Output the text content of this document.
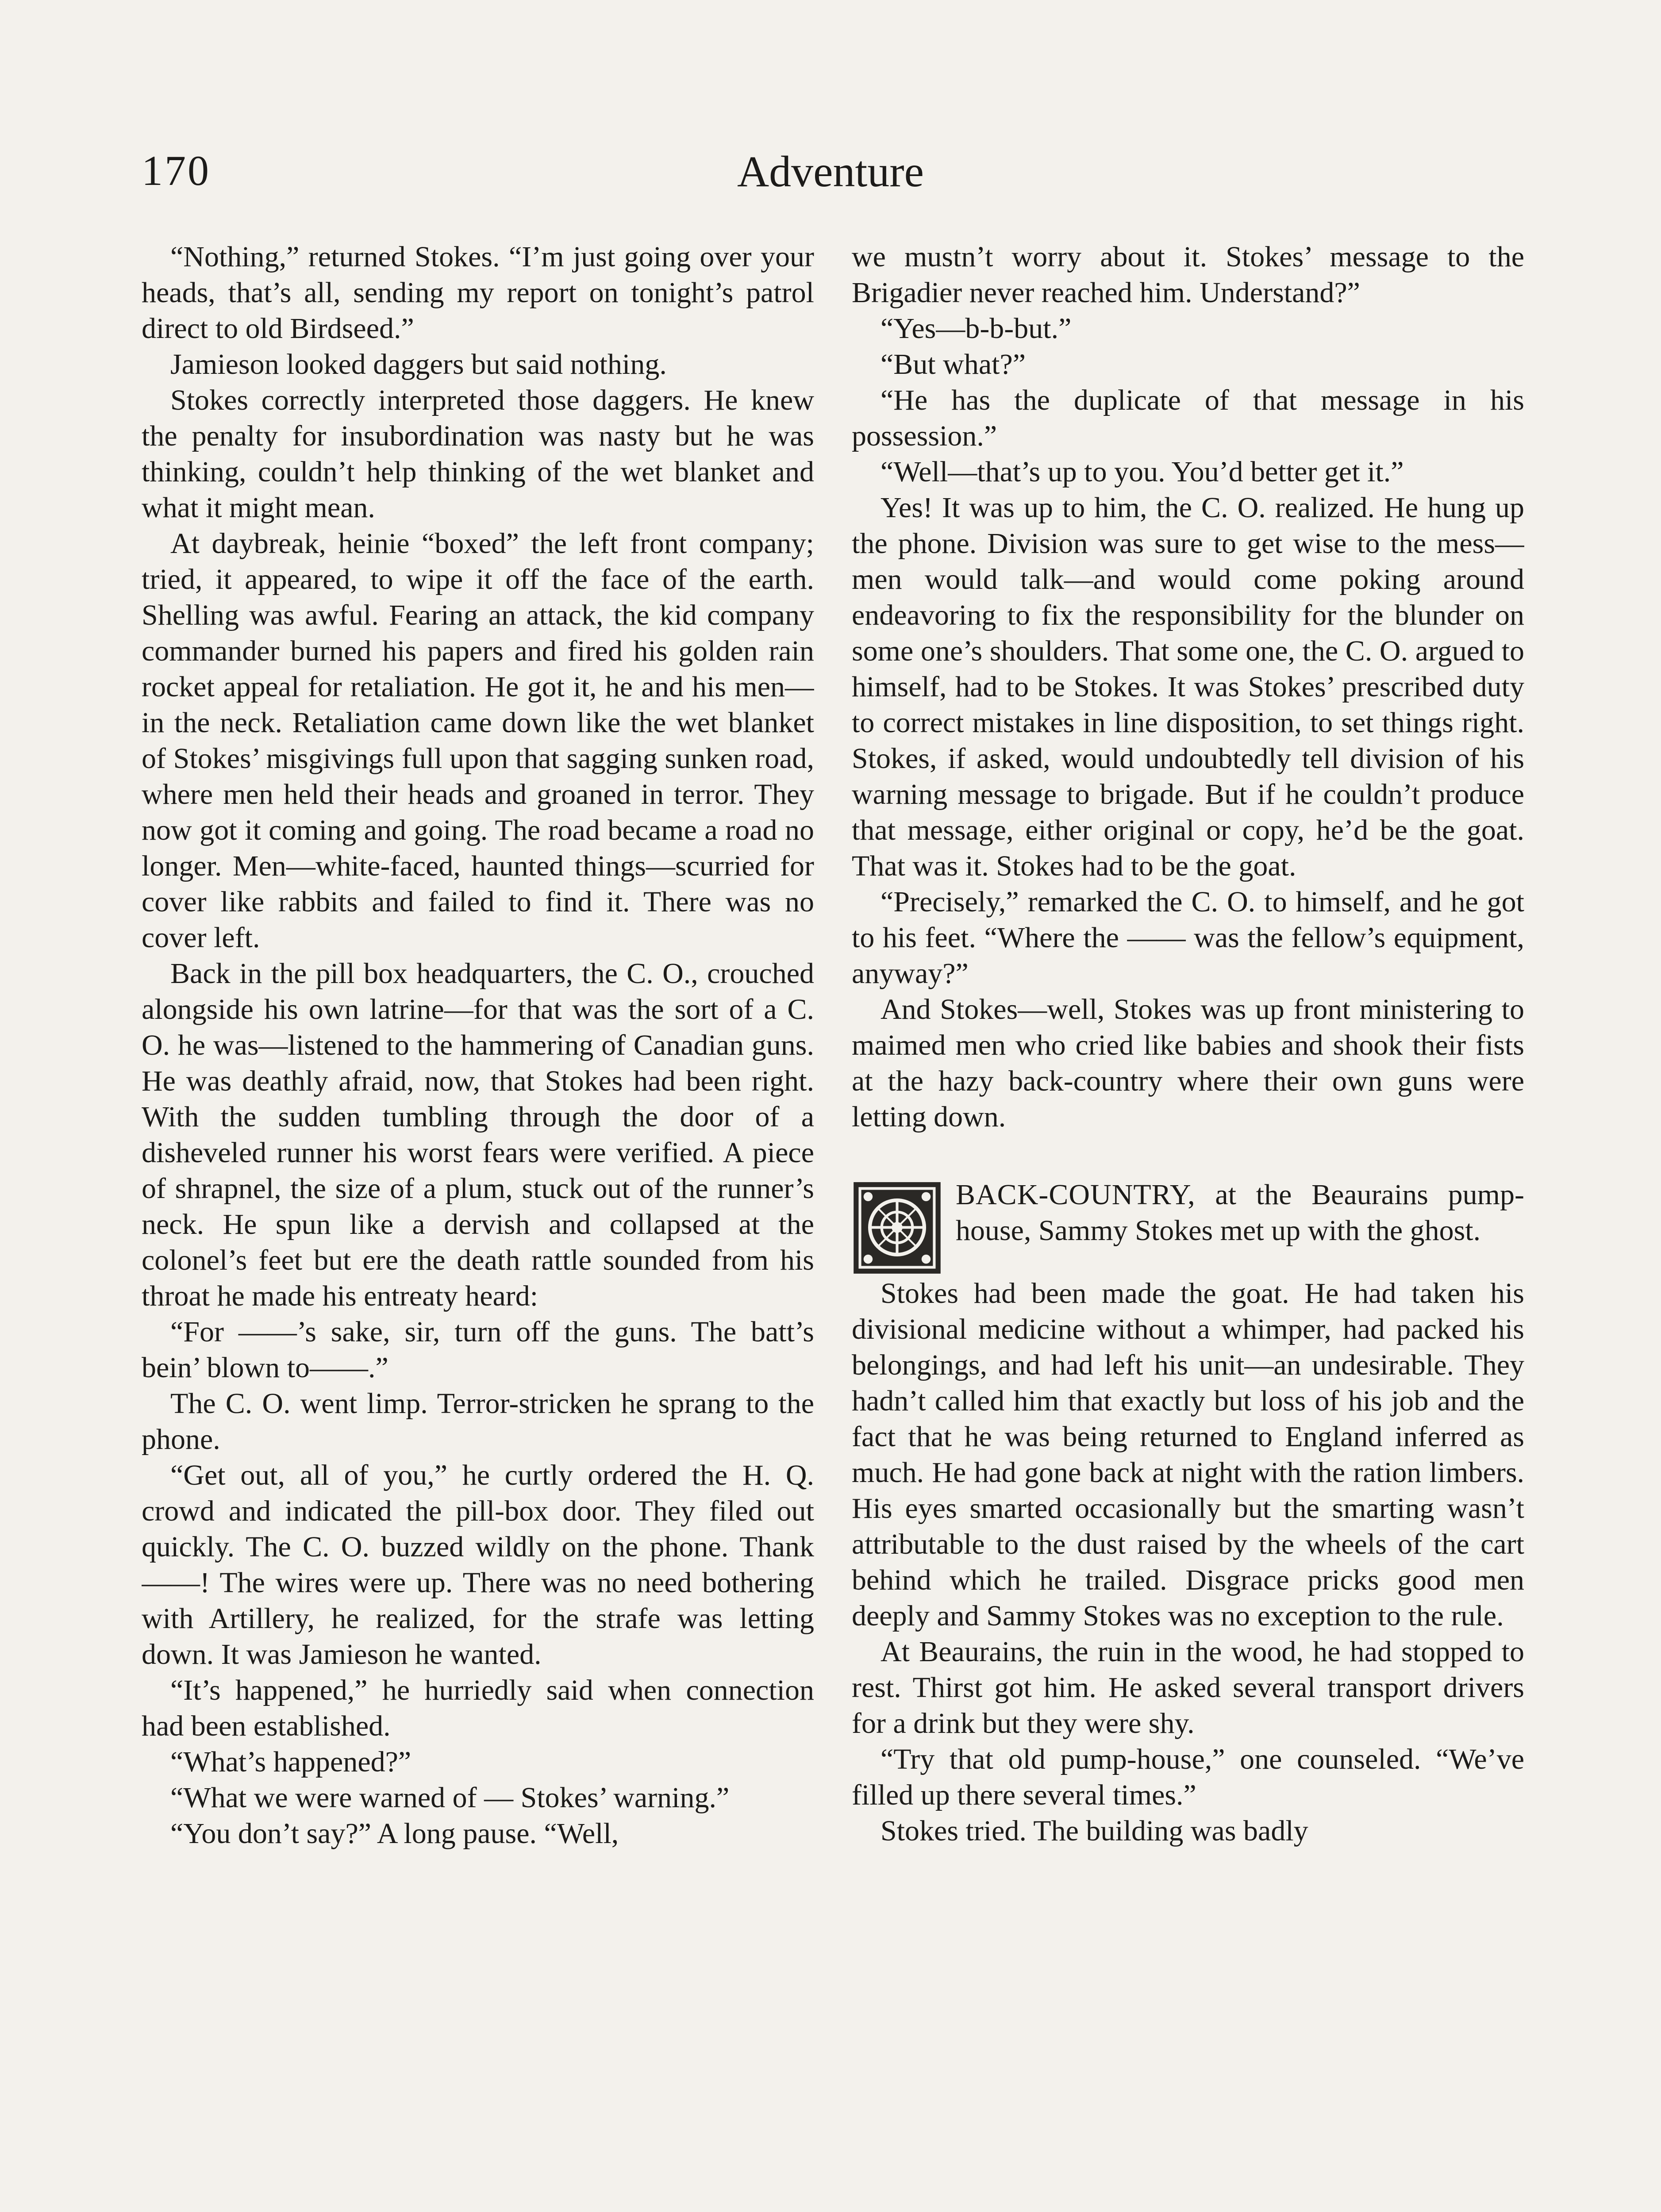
170	Adventure

“Nothing,” returned Stokes. “I’m just going over your heads, that’s all, sending my report on tonight’s patrol direct to old Birdseed.”

Jamieson looked daggers but said nothing.

Stokes correctly interpreted those daggers. He knew the penalty for insubordination was nasty but he was thinking, couldn’t help thinking of the wet blanket and what it might mean.

At daybreak, heinie “boxed” the left front company; tried, it appeared, to wipe it off the face of the earth. Shelling was awful. Fearing an attack, the kid company commander burned his papers and fired his golden rain rocket appeal for retaliation. He got it, he and his men—in the neck. Retaliation came down like the wet blanket of Stokes’ misgivings full upon that sagging sunken road, where men held their heads and groaned in terror. They now got it coming and going. The road became a road no longer. Men—white-faced, haunted things—scurried for cover like rabbits and failed to find it. There was no cover left.

Back in the pill box headquarters, the C. O., crouched alongside his own latrine—for that was the sort of a C. O. he was—listened to the hammering of Canadian guns. He was deathly afraid, now, that Stokes had been right. With the sudden tumbling through the door of a disheveled runner his worst fears were verified. A piece of shrapnel, the size of a plum, stuck out of the runner’s neck. He spun like a dervish and collapsed at the colonel’s feet but ere the death rattle sounded from his throat he made his entreaty heard:

“For ——’s sake, sir, turn off the guns. The batt’s bein’ blown to——.”

The C. O. went limp. Terror-stricken he sprang to the phone.

“Get out, all of you,” he curtly ordered the H. Q. crowd and indicated the pill-box door. They filed out quickly. The C. O. buzzed wildly on the phone. Thank ——! The wires were up. There was no need bothering with Artillery, he realized, for the strafe was letting down. It was Jamieson he wanted.

“It’s happened,” he hurriedly said when connection had been established.

“What’s happened?”

“What we were warned of — Stokes’ warning.”

“You don’t say?” A long pause. “Well,

we mustn’t worry about it. Stokes’ message to the Brigadier never reached him. Understand?”

“Yes—b-b-but.”

“But what?”

“He has the duplicate of that message in his possession.”

“Well—that’s up to you. You’d better get it.”

Yes! It was up to him, the C. O. realized. He hung up the phone. Division was sure to get wise to the mess—men would talk—and would come poking around endeavoring to fix the responsibility for the blunder on some one’s shoulders. That some one, the C. O. argued to himself, had to be Stokes. It was Stokes’ prescribed duty to correct mistakes in line disposition, to set things right. Stokes, if asked, would undoubtedly tell division of his warning message to brigade. But if he couldn’t produce that message, either original or copy, he’d be the goat. That was it. Stokes had to be the goat.

“Precisely,” remarked the C. O. to himself, and he got to his feet. “Where the —— was the fellow’s equipment, anyway?”

And Stokes—well, Stokes was up front ministering to maimed men who cried like babies and shook their fists at the hazy back-country where their own guns were letting down.

BACK-COUNTRY, at the Beaurains pump-house, Sammy Stokes met up with the ghost.

Stokes had been made the goat. He had taken his divisional medicine without a whimper, had packed his belongings, and had left his unit—an undesirable. They hadn’t called him that exactly but loss of his job and the fact that he was being returned to England inferred as much. He had gone back at night with the ration limbers. His eyes smarted occasionally but the smarting wasn’t attributable to the dust raised by the wheels of the cart behind which he trailed. Disgrace pricks good men deeply and Sammy Stokes was no exception to the rule.

At Beaurains, the ruin in the wood, he had stopped to rest. Thirst got him. He asked several transport drivers for a drink but they were shy.

“Try that old pump-house,” one counseled. “We’ve filled up there several times.”

Stokes tried. The building was badly
